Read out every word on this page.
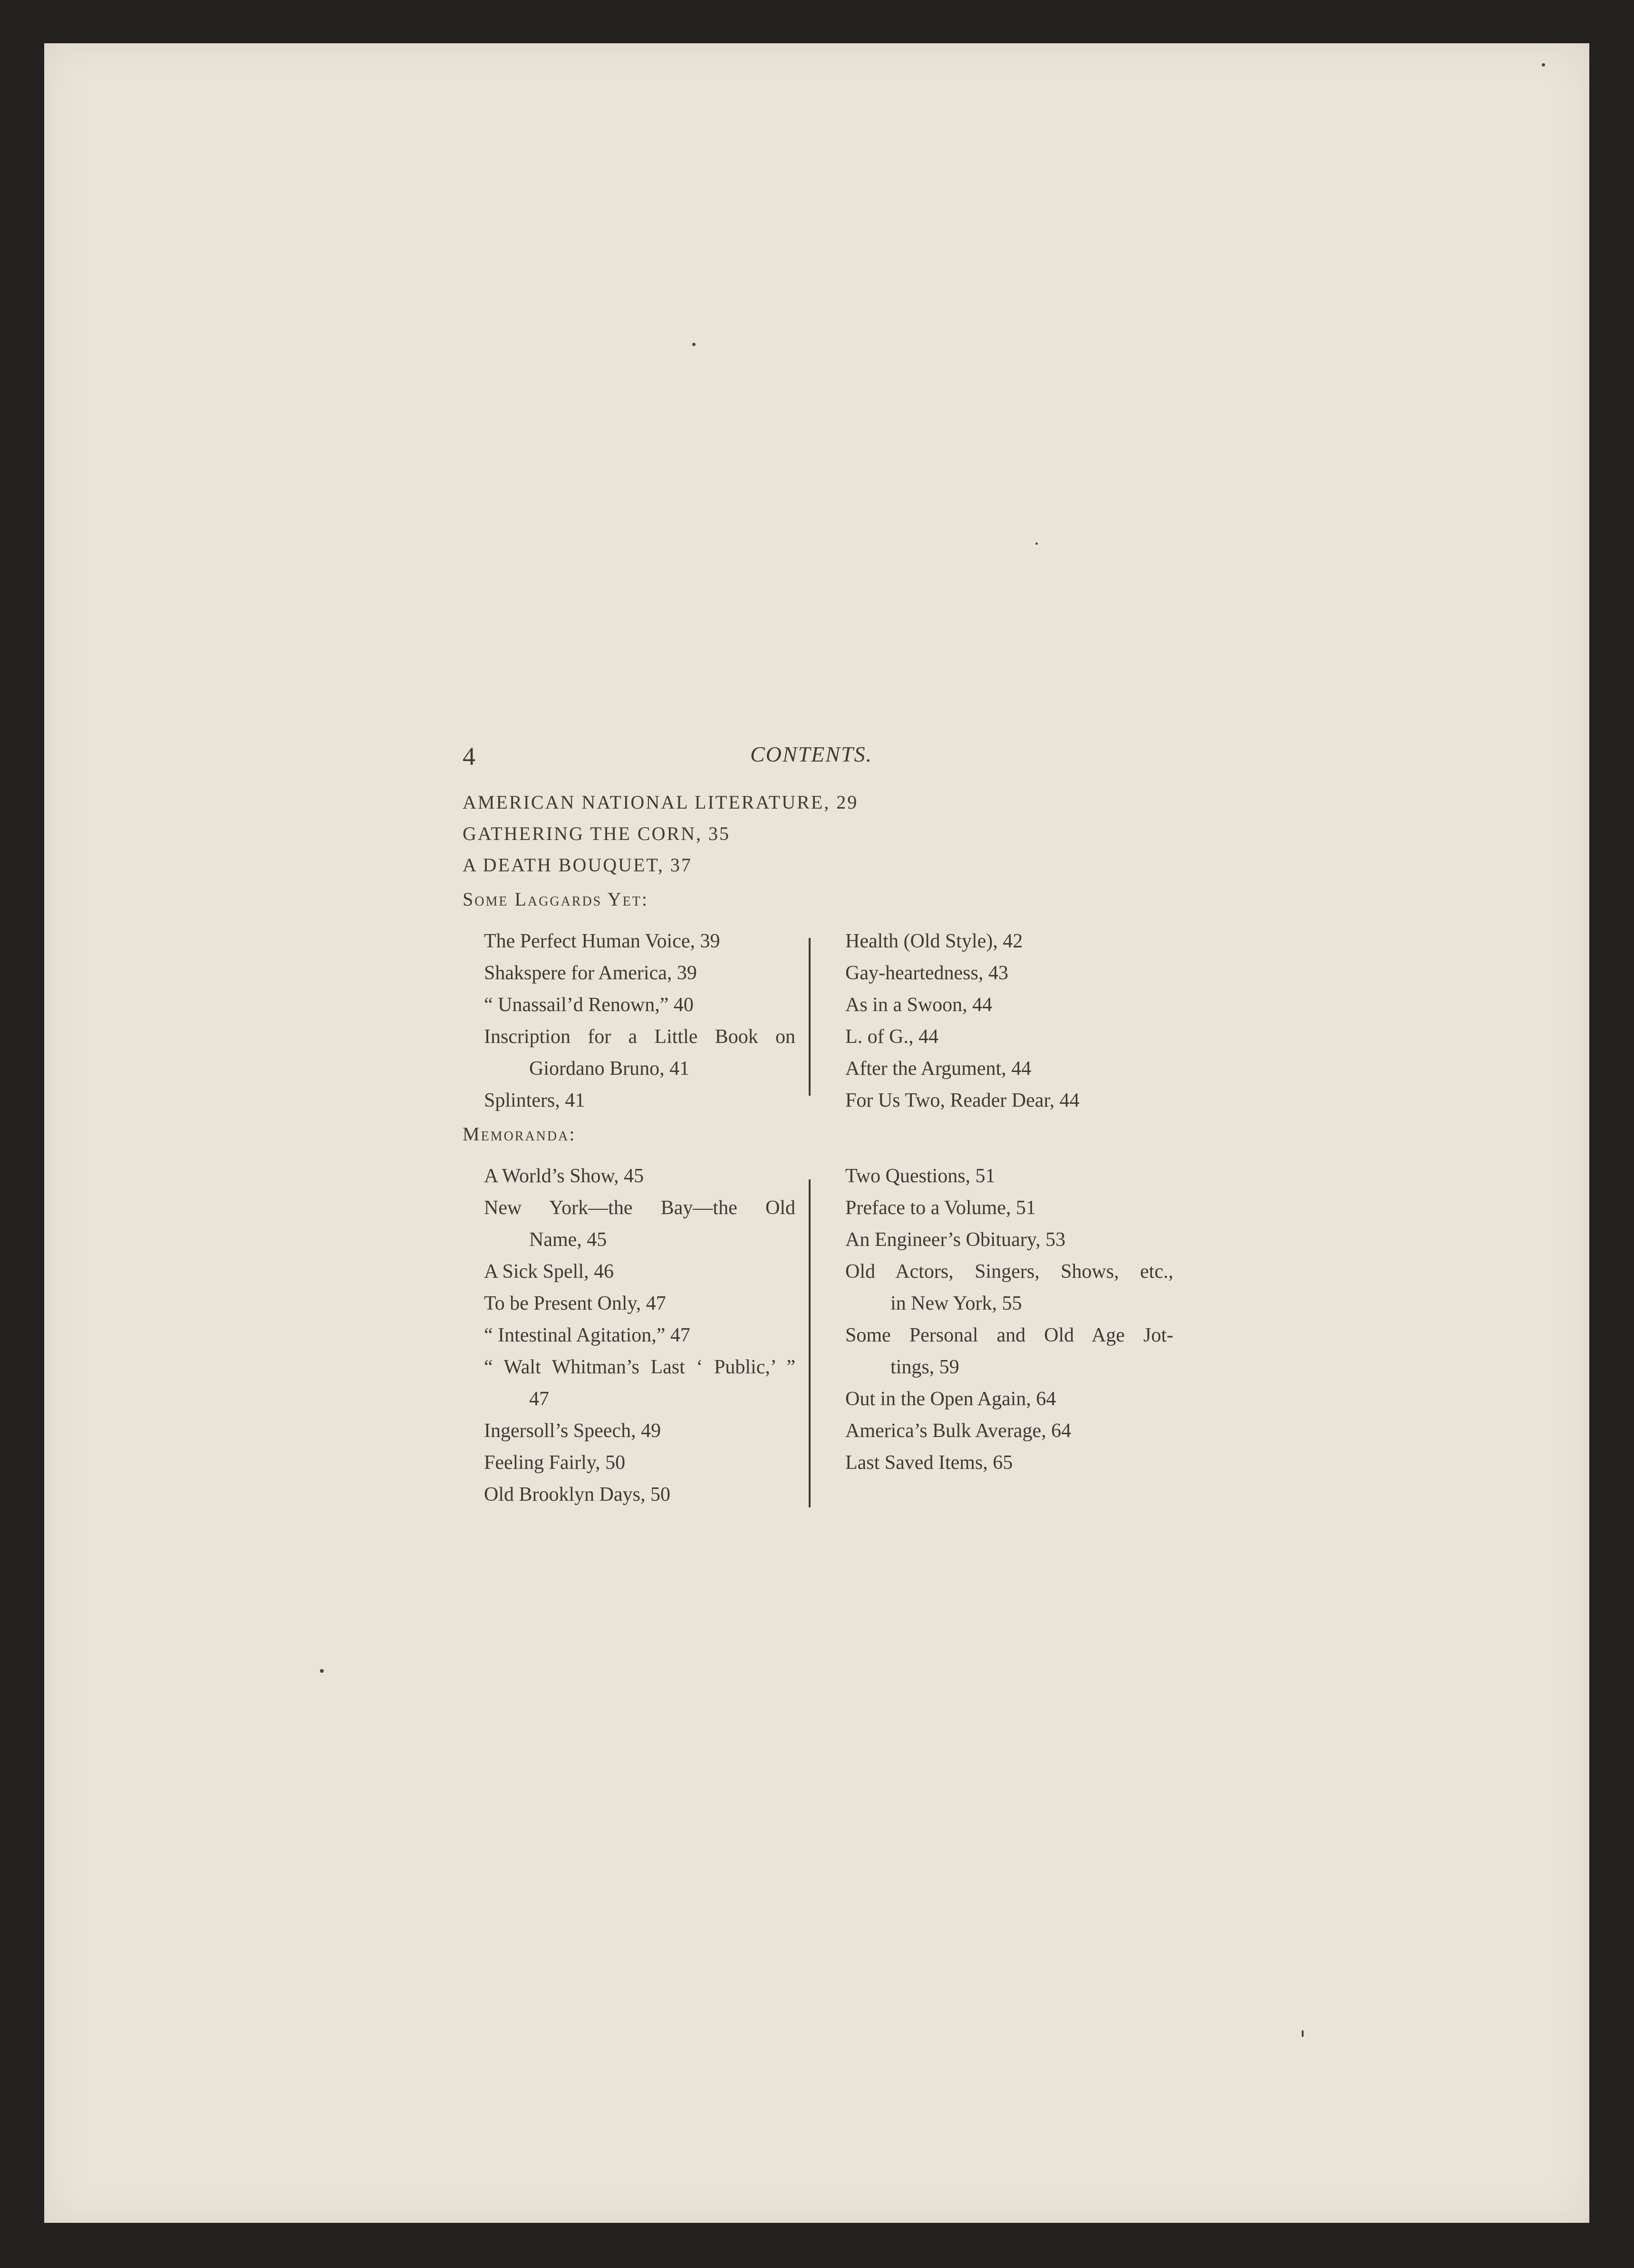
4	CONTENTS.
AMERICAN NATIONAL LITERATURE, 29
GATHERING THE CORN, 35
A DEATH BOUQUET, 37
Some Laggards Yet:
The Perfect Human Voice, 39
Shakspere for America, 39
“ Unassail’d Renown,” 40
Inscription for a Little Book on
Giordano Bruno, 41
Splinters, 41
Health (Old Style), 42
Gay-heartedness, 43
As in a Swoon, 44
L. of G., 44
After the Argument, 44
For Us Two, Reader Dear, 44
Memoranda:
A World’s Show, 45
New York—the Bay—the Old
Name, 45
A Sick Spell, 46
To be Present Only, 47
“ Intestinal Agitation,” 47
“ Walt Whitman’s Last ‘ Public,’ ”
47
Ingersoll’s Speech, 49
Feeling Fairly, 50
Old Brooklyn Days, 50
Two Questions, 51
Preface to a Volume, 51
An Engineer’s Obituary, 53
Old Actors, Singers, Shows, etc.,
in New York, 55
Some Personal and Old Age Jot-
tings, 59
Out in the Open Again, 64
America’s Bulk Average, 64
Last Saved Items, 65
